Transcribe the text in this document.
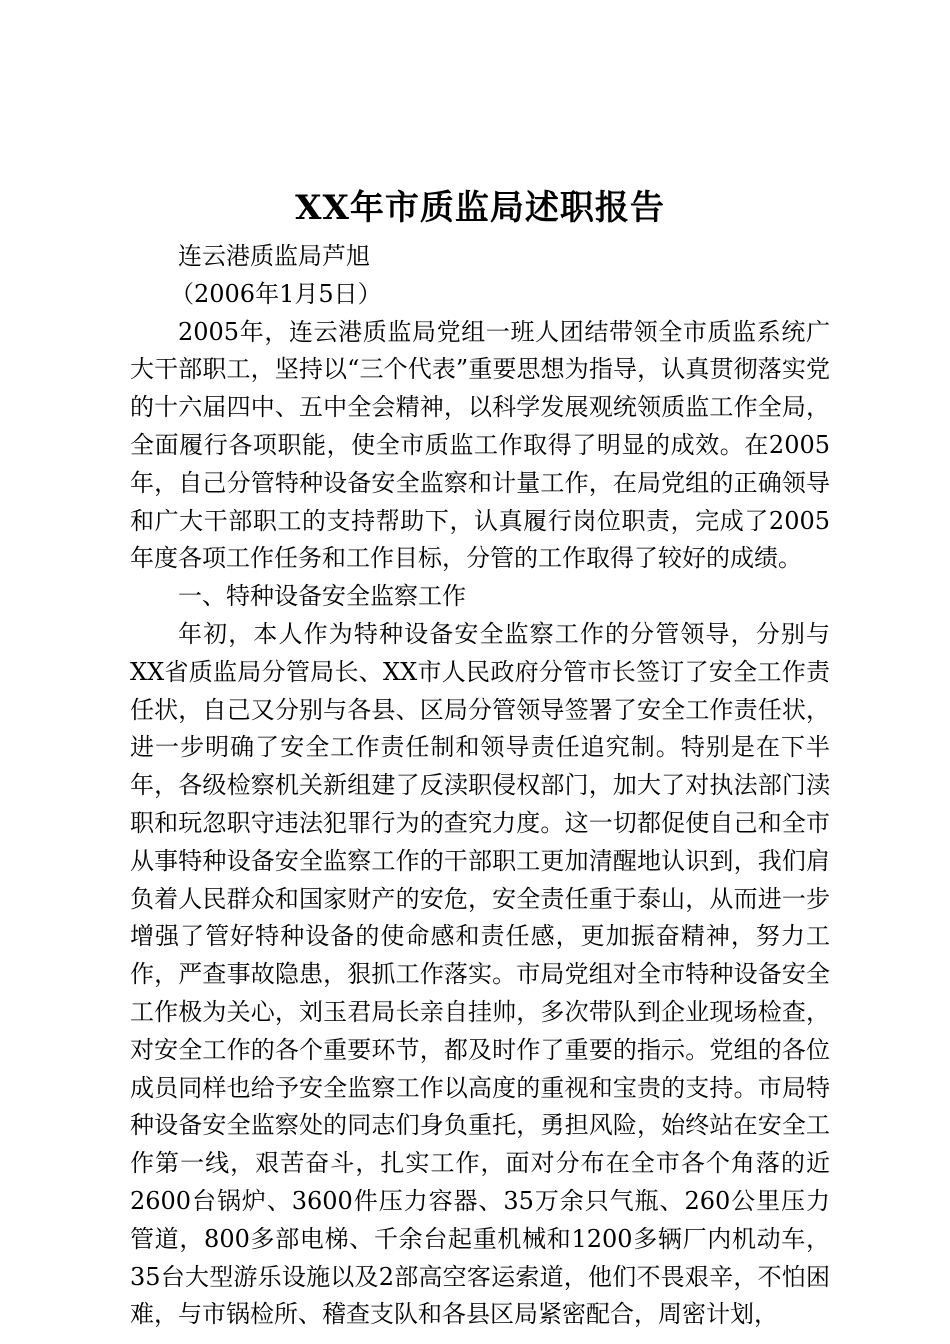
XX年市质监局述职报告
连云港质监局芦旭
（2006年1月5日）

2005年，连云港质监局党组一班人团结带领全市质监系统广大干部职工，坚持以“三个代表”重要思想为指导，认真贯彻落实党的十六届四中、五中全会精神，以科学发展观统领质监工作全局，全面履行各项职能，使全市质监工作取得了明显的成效。在2005年，自己分管特种设备安全监察和计量工作，在局党组的正确领导和广大干部职工的支持帮助下，认真履行岗位职责，完成了2005年度各项工作任务和工作目标，分管的工作取得了较好的成绩。

一、特种设备安全监察工作

年初，本人作为特种设备安全监察工作的分管领导，分别与XX省质监局分管局长、XX市人民政府分管市长签订了安全工作责任状，自己又分别与各县、区局分管领导签署了安全工作责任状，进一步明确了安全工作责任制和领导责任追究制。特别是在下半年，各级检察机关新组建了反渎职侵权部门，加大了对执法部门渎职和玩忽职守违法犯罪行为的查究力度。这一切都促使自己和全市从事特种设备安全监察工作的干部职工更加清醒地认识到，我们肩负着人民群众和国家财产的安危，安全责任重于泰山，从而进一步增强了管好特种设备的使命感和责任感，更加振奋精神，努力工作，严查事故隐患，狠抓工作落实。市局党组对全市特种设备安全工作极为关心，刘玉君局长亲自挂帅，多次带队到企业现场检查，对安全工作的各个重要环节，都及时作了重要的指示。党组的各位成员同样也给予安全监察工作以高度的重视和宝贵的支持。市局特种设备安全监察处的同志们身负重托，勇担风险，始终站在安全工作第一线，艰苦奋斗，扎实工作，面对分布在全市各个角落的近2600台锅炉、3600件压力容器、35万余只气瓶、260公里压力管道，800多部电梯、千余台起重机械和1200多辆厂内机动车，35台大型游乐设施以及2部高空客运索道，他们不畏艰辛，不怕困难，与市锅检所、稽查支队和各县区局紧密配合，周密计划，
